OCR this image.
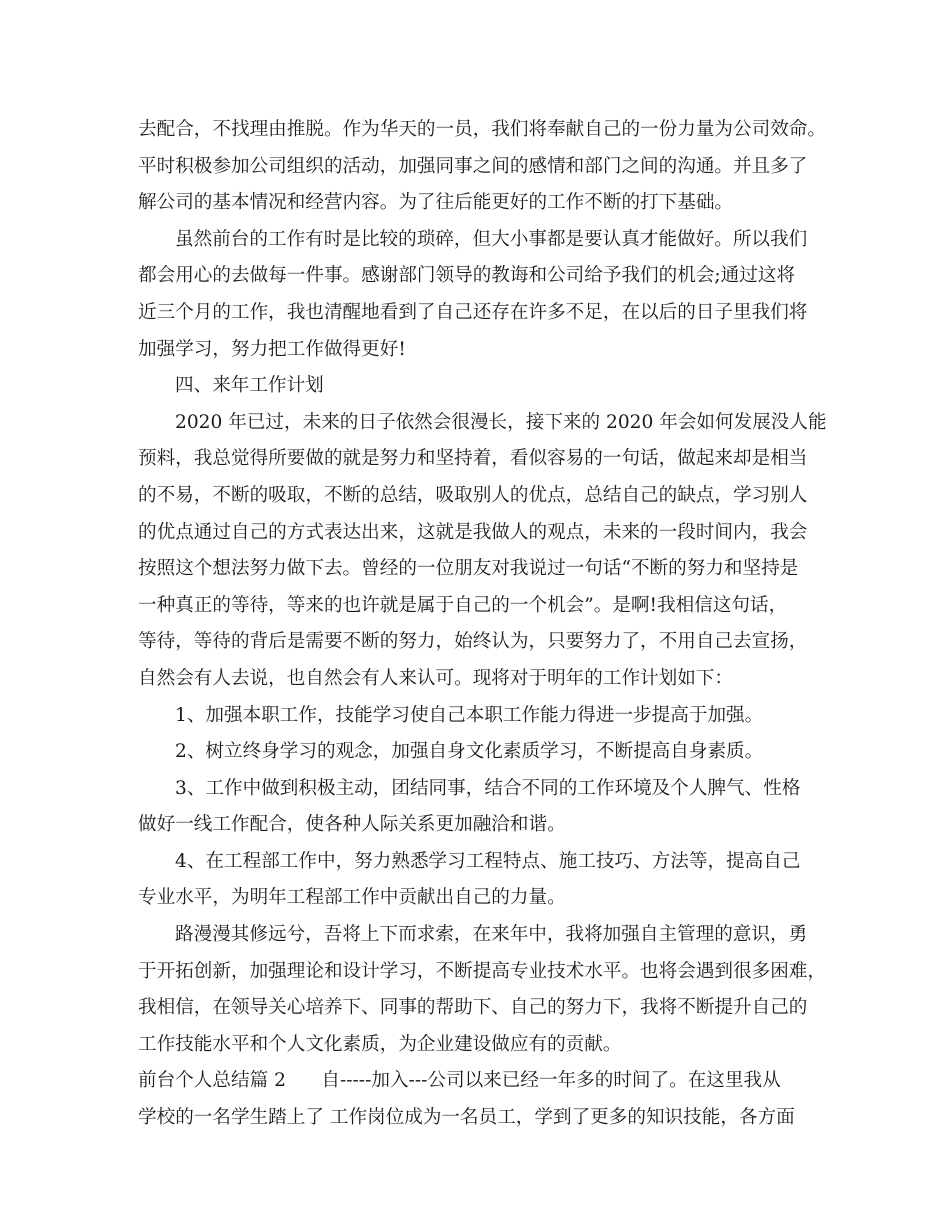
去配合，不找理由推脱。作为华天的一员，我们将奉献自己的一份力量为公司效命。
平时积极参加公司组织的活动，加强同事之间的感情和部门之间的沟通。并且多了
解公司的基本情况和经营内容。为了往后能更好的工作不断的打下基础。

虽然前台的工作有时是比较的琐碎，但大小事都是要认真才能做好。所以我们
都会用心的去做每一件事。感谢部门领导的教诲和公司给予我们的机会;通过这将
近三个月的工作，我也清醒地看到了自己还存在许多不足，在以后的日子里我们将
加强学习，努力把工作做得更好!

四、来年工作计划

2020 年已过，未来的日子依然会很漫长，接下来的 2020 年会如何发展没人能
预料，我总觉得所要做的就是努力和坚持着，看似容易的一句话，做起来却是相当
的不易，不断的吸取，不断的总结，吸取别人的优点，总结自己的缺点，学习别人
的优点通过自己的方式表达出来，这就是我做人的观点，未来的一段时间内，我会
按照这个想法努力做下去。曾经的一位朋友对我说过一句话“不断的努力和坚持是
一种真正的等待，等来的也许就是属于自己的一个机会”。是啊!我相信这句话，
等待，等待的背后是需要不断的努力，始终认为，只要努力了，不用自己去宣扬，
自然会有人去说，也自然会有人来认可。现将对于明年的工作计划如下：

1、加强本职工作，技能学习使自己本职工作能力得进一步提高于加强。

2、树立终身学习的观念，加强自身文化素质学习，不断提高自身素质。

3、工作中做到积极主动，团结同事，结合不同的工作环境及个人脾气、性格
做好一线工作配合，使各种人际关系更加融洽和谐。

4、在工程部工作中，努力熟悉学习工程特点、施工技巧、方法等，提高自己
专业水平，为明年工程部工作中贡献出自己的力量。

路漫漫其修远兮，吾将上下而求索，在来年中，我将加强自主管理的意识，勇
于开拓创新，加强理论和设计学习，不断提高专业技术水平。也将会遇到很多困难，
我相信，在领导关心培养下、同事的帮助下、自己的努力下，我将不断提升自己的
工作技能水平和个人文化素质，为企业建设做应有的贡献。

前台个人总结篇 2      自-----加入---公司以来已经一年多的时间了。在这里我从
学校的一名学生踏上了 工作岗位成为一名员工，学到了更多的知识技能，各方面
